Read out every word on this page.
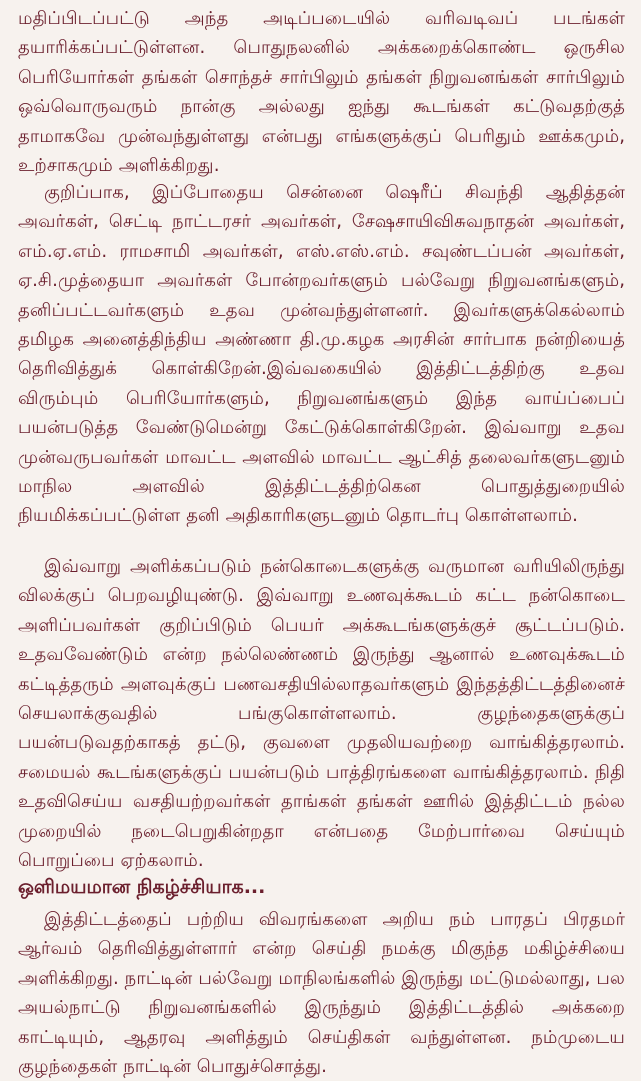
மதிப்பிடப்பட்டு அந்த அடிப்படையில் வரிவடிவப் படங்கள் தயாரிக்கப்பட்டுள்ளன. பொதுநலனில் அக்கறைக்கொண்ட ஒருசில பெரியோர்கள் தங்கள் சொந்தச் சார்பிலும் தங்கள் நிறுவனங்கள் சார்பிலும் ஒவ்வொருவரும் நான்கு அல்லது ஐந்து கூடங்கள் கட்டுவதற்குத் தாமாகவே முன்வந்துள்ளது என்பது எங்களுக்குப் பெரிதும் ஊக்கமும், உற்சாகமும் அளிக்கிறது.

குறிப்பாக, இப்போதைய சென்னை ஷெரீப் சிவந்தி ஆதித்தன் அவர்கள், செட்டி நாட்டரசர் அவர்கள், சேஷசாயிவிசுவநாதன் அவர்கள், எம்.ஏ.எம். ராமசாமி அவர்கள், எஸ்.எஸ்.எம். சவுண்டப்பன் அவர்கள், ஏ.சி.முத்தையா அவர்கள் போன்றவர்களும் பல்வேறு நிறுவனங்களும், தனிப்பட்டவர்களும் உதவ முன்வந்துள்ளனர். இவர்களுக்கெல்லாம் தமிழக அனைத்திந்திய அண்ணா தி.மு.கழக அரசின் சார்பாக நன்றியைத் தெரிவித்துக் கொள்கிறேன்.இவ்வகையில் இத்திட்டத்திற்கு உதவ விரும்பும் பெரியோர்களும், நிறுவனங்களும் இந்த வாய்ப்பைப் பயன்படுத்த வேண்டுமென்று கேட்டுக்கொள்கிறேன். இவ்வாறு உதவ முன்வருபவர்கள் மாவட்ட அளவில் மாவட்ட ஆட்சித் தலைவர்களுடனும் மாநில அளவில் இத்திட்டத்திற்கென பொதுத்துறையில் நியமிக்கப்பட்டுள்ள தனி அதிகாரிகளுடனும் தொடர்பு கொள்ளலாம்.

இவ்வாறு அளிக்கப்படும் நன்கொடைகளுக்கு வருமான வரியிலிருந்து விலக்குப் பெறவழியுண்டு. இவ்வாறு உணவுக்கூடம் கட்ட நன்கொடை அளிப்பவர்கள் குறிப்பிடும் பெயர் அக்கூடங்களுக்குச் சூட்டப்படும். உதவவேண்டும் என்ற நல்லெண்ணம் இருந்து ஆனால் உணவுக்கூடம் கட்டித்தரும் அளவுக்குப் பணவசதியில்லாதவர்களும் இந்தத்திட்டத்தினைச் செயலாக்குவதில் பங்குகொள்ளலாம். குழந்தைகளுக்குப் பயன்படுவதற்காகத் தட்டு, குவளை முதலியவற்றை வாங்கித்தரலாம். சமையல் கூடங்களுக்குப் பயன்படும் பாத்திரங்களை வாங்கித்தரலாம். நிதி உதவிசெய்ய வசதியற்றவர்கள் தாங்கள் தங்கள் ஊரில் இத்திட்டம் நல்ல முறையில் நடைபெறுகின்றதா என்பதை மேற்பார்வை செய்யும் பொறுப்பை ஏற்கலாம்.

ஒளிமயமான நிகழ்ச்சியாக...

இத்திட்டத்தைப் பற்றிய விவரங்களை அறிய நம் பாரதப் பிரதமர் ஆர்வம் தெரிவித்துள்ளார் என்ற செய்தி நமக்கு மிகுந்த மகிழ்ச்சியை அளிக்கிறது. நாட்டின் பல்வேறு மாநிலங்களில் இருந்து மட்டுமல்லாது, பல அயல்நாட்டு நிறுவனங்களில் இருந்தும் இத்திட்டத்தில் அக்கறை காட்டியும், ஆதரவு அளித்தும் செய்திகள் வந்துள்ளன. நம்முடைய குழந்தைகள் நாட்டின் பொதுச்சொத்து.
